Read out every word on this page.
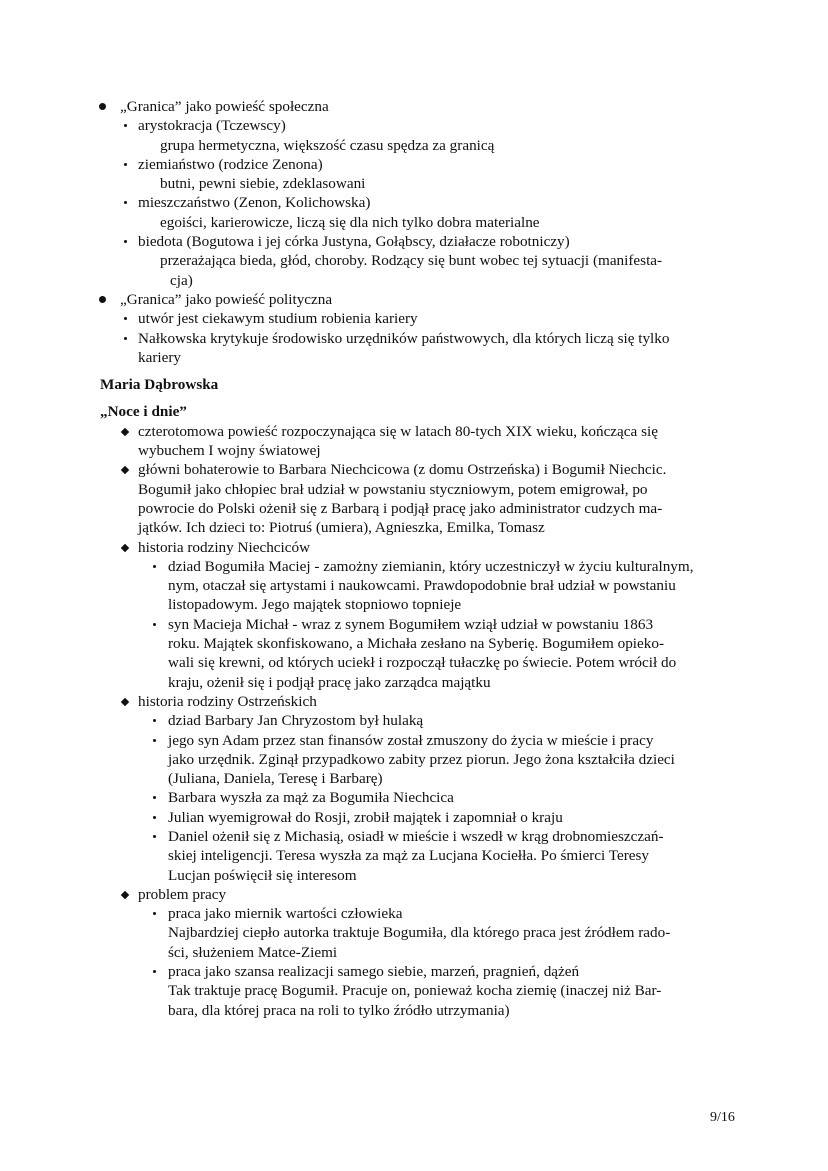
„Granica” jako powieść społeczna
arystokracja (Tczewscy)
grupa hermetyczna, większość czasu spędza za granicą
ziemiaństwo (rodzice Zenona)
butni, pewni siebie, zdeklasowani
mieszczaństwo (Zenon, Kolichowska)
egoiści, karierowicze, liczą się dla nich tylko dobra materialne
biedota (Bogutowa i jej córka Justyna, Gołąbscy, działacze robotniczy)
przerażająca bieda, głód, choroby. Rodzący się bunt wobec tej sytuacji (manifesta-
cja)
„Granica” jako powieść polityczna
utwór jest ciekawym studium robienia kariery
Nałkowska krytykuje środowisko urzędników państwowych, dla których liczą się tylko
kariery
Maria Dąbrowska
„Noce i dnie”
czterotomowa powieść rozpoczynająca się w latach 80-tych XIX wieku, kończąca się
wybuchem I wojny światowej
główni bohaterowie to Barbara Niechcicowa (z domu Ostrzeńska) i Bogumił Niechcic.
Bogumił jako chłopiec brał udział w powstaniu styczniowym, potem emigrował, po
powrocie do Polski ożenił się z Barbarą i podjął pracę jako administrator cudzych ma-
jątków. Ich dzieci to: Piotruś (umiera), Agnieszka, Emilka, Tomasz
historia rodziny Niechciców
dziad Bogumiła Maciej - zamożny ziemianin, który uczestniczył w życiu kulturalnym,
nym, otaczał się artystami i naukowcami. Prawdopodobnie brał udział w powstaniu
listopadowym. Jego majątek stopniowo topnieje
syn Macieja Michał - wraz z synem Bogumiłem wziął udział w powstaniu 1863
roku. Majątek skonfiskowano, a Michała zesłano na Syberię. Bogumiłem opieko-
wali się krewni, od których uciekł i rozpoczął tułaczkę po świecie. Potem wrócił do
kraju, ożenił się i podjął pracę jako zarządca majątku
historia rodziny Ostrzeńskich
dziad Barbary Jan Chryzostom był hulaką
jego syn Adam przez stan finansów został zmuszony do życia w mieście i pracy
jako urzędnik. Zginął przypadkowo zabity przez piorun. Jego żona kształciła dzieci
(Juliana, Daniela, Teresę i Barbarę)
Barbara wyszła za mąż za Bogumiła Niechcica
Julian wyemigrował do Rosji, zrobił majątek i zapomniał o kraju
Daniel ożenił się z Michasią, osiadł w mieście i wszedł w krąg drobnomieszczań-
skiej inteligencji. Teresa wyszła za mąż za Lucjana Kociełła. Po śmierci Teresy
Lucjan poświęcił się interesom
problem pracy
praca jako miernik wartości człowieka
Najbardziej ciepło autorka traktuje Bogumiła, dla którego praca jest źródłem rado-
ści, służeniem Matce-Ziemi
praca jako szansa realizacji samego siebie, marzeń, pragnień, dążeń
Tak traktuje pracę Bogumił. Pracuje on, ponieważ kocha ziemię (inaczej niż Bar-
bara, dla której praca na roli to tylko źródło utrzymania)
9/16
